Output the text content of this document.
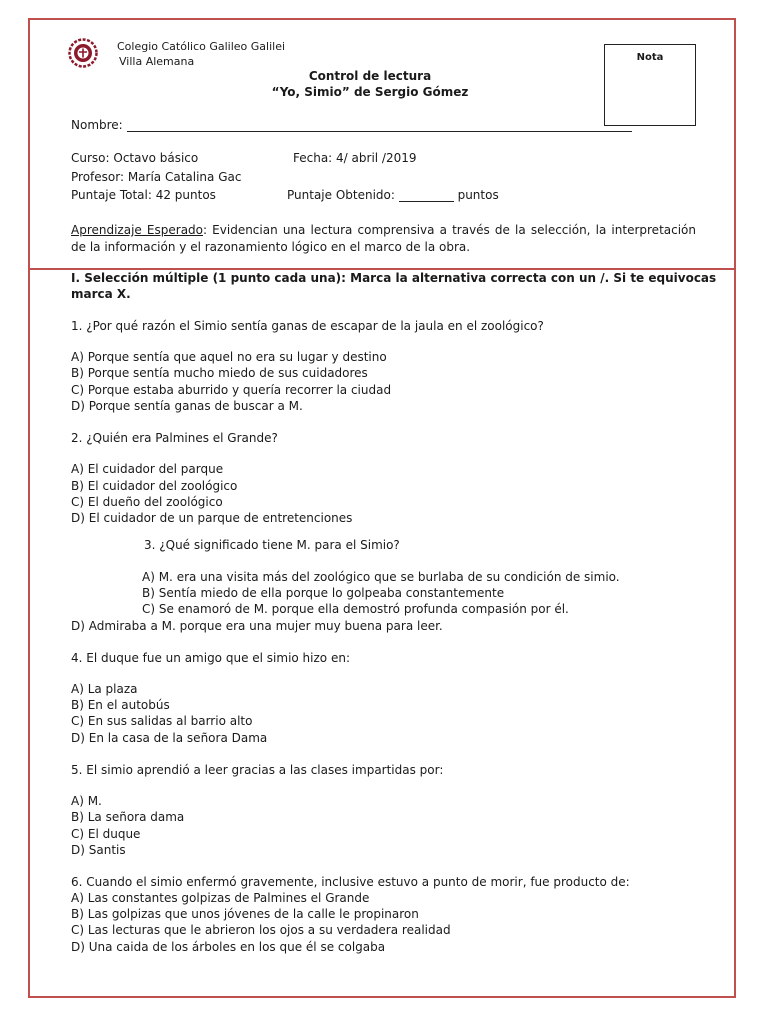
Colegio Católico Galileo Galilei
Villa Alemana	Nota
Control de lectura
“Yo, Simio” de Sergio Gómez
Nombre:
Curso: Octavo básico	Fecha: 4/ abril /2019
Profesor: María Catalina Gac
Puntaje Total: 42 puntos	Puntaje Obtenido:	puntos
Aprendizaje Esperado: Evidencian una lectura comprensiva a través de la selección, la interpretación de la información y el razonamiento lógico en el marco de la obra.
I. Selección múltiple (1 punto cada una): Marca la alternativa correcta con un /. Si te equivocas
marca X.
1. ¿Por qué razón el Simio sentía ganas de escapar de la jaula en el zoológico?
A) Porque sentía que aquel no era su lugar y destino
B) Porque sentía mucho miedo de sus cuidadores
C) Porque estaba aburrido y quería recorrer la ciudad
D) Porque sentía ganas de buscar a M.
2. ¿Quién era Palmines el Grande?
A) El cuidador del parque
B) El cuidador del zoológico
C) El dueño del zoológico
D) El cuidador de un parque de entretenciones
3. ¿Qué significado tiene M. para el Simio?
A) M. era una visita más del zoológico que se burlaba de su condición de simio.
B) Sentía miedo de ella porque lo golpeaba constantemente
C) Se enamoró de M. porque ella demostró profunda compasión por él.
D) Admiraba a M. porque era una mujer muy buena para leer.
4. El duque fue un amigo que el simio hizo en:
A) La plaza
B) En el autobús
C) En sus salidas al barrio alto
D) En la casa de la señora Dama
5. El simio aprendió a leer gracias a las clases impartidas por:
A) M.
B) La señora dama
C) El duque
D) Santis
6. Cuando el simio enfermó gravemente, inclusive estuvo a punto de morir, fue producto de:
A) Las constantes golpizas de Palmines el Grande
B) Las golpizas que unos jóvenes de la calle le propinaron
C) Las lecturas que le abrieron los ojos a su verdadera realidad
D) Una caida de los árboles en los que él se colgaba
